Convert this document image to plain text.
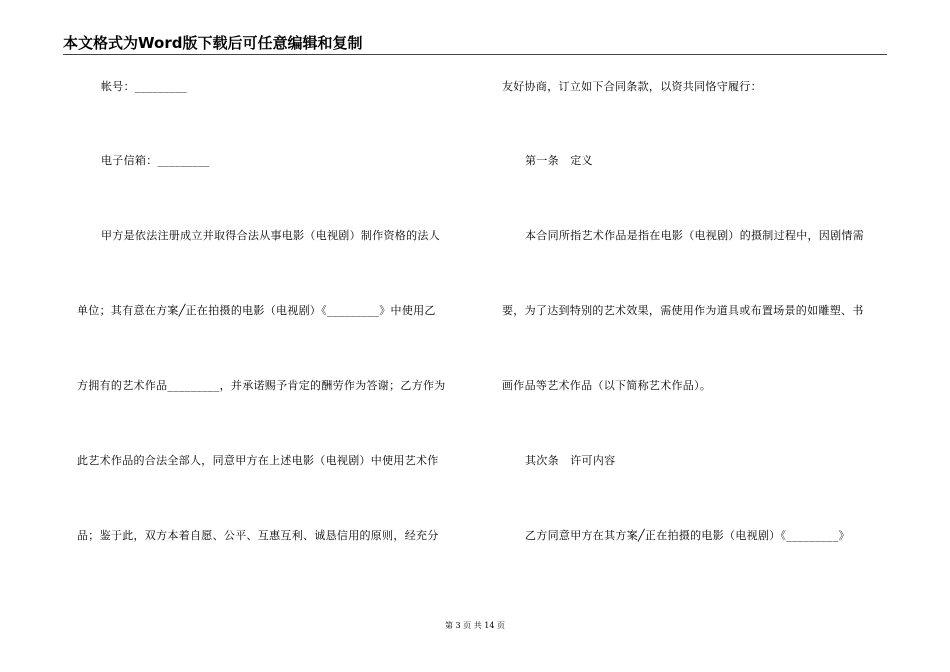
本文格式为Word版下载后可任意编辑和复制
帐号：_________
电子信箱：_________
甲方是依法注册成立并取得合法从事电影（电视剧）制作资格的法人
单位；其有意在方案╱正在拍摄的电影（电视剧）《_________》中使用乙
方拥有的艺术作品_________，并承诺赐予肯定的酬劳作为答谢；乙方作为
此艺术作品的合法全部人，同意甲方在上述电影（电视剧）中使用艺术作
品；鉴于此，双方本着自愿、公平、互惠互利、诚恳信用的原则，经充分
友好协商，订立如下合同条款，以资共同恪守履行：
第一条　定义
本合同所指艺术作品是指在电影（电视剧）的摄制过程中，因剧情需
要，为了达到特别的艺术效果，需使用作为道具或布置场景的如雕塑、书
画作品等艺术作品（以下简称艺术作品）。
其次条　许可内容
乙方同意甲方在其方案╱正在拍摄的电影（电视剧）《_________》
第 3 页 共 14 页
